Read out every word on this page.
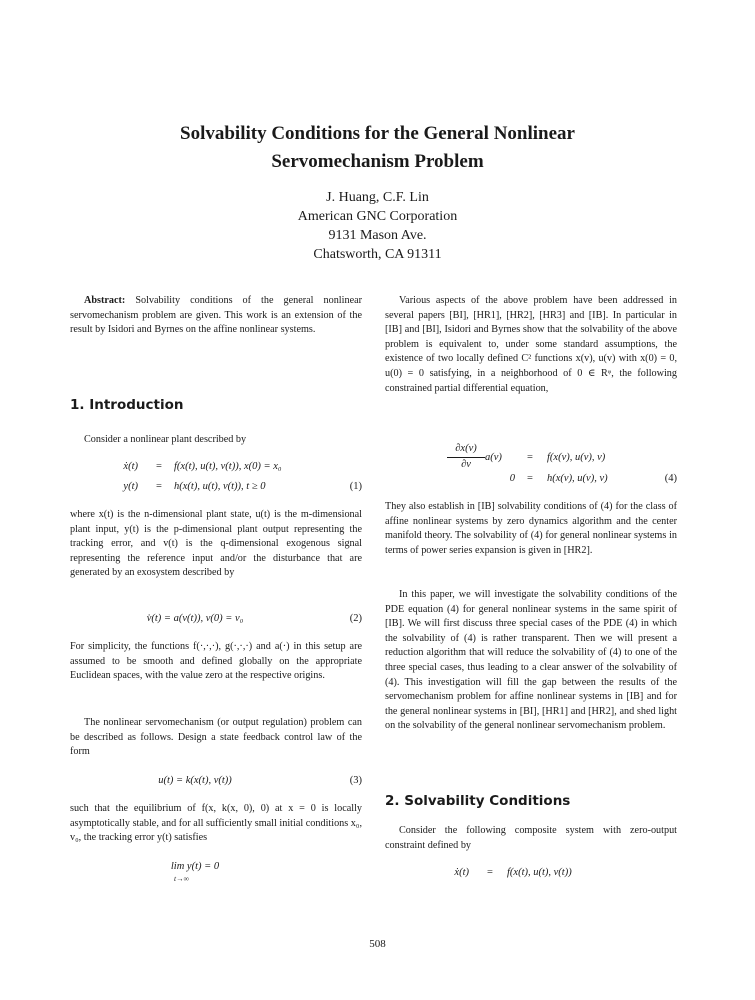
Solvability Conditions for the General Nonlinear
Servomechanism Problem
J. Huang, C.F. Lin
American GNC Corporation
9131 Mason Ave.
Chatsworth, CA 91311

Abstract: Solvability conditions of the general nonlinear servomechanism problem are given. This work is an extension of the result by Isidori and Byrnes on the affine nonlinear systems.

1. Introduction

Consider a nonlinear plant described by

ẋ(t)	=	f(x(t), u(t), v(t)), x(0) = x₀
y(t)	=	h(x(t), u(t), v(t)), t ≥ 0	(1)

where x(t) is the n-dimensional plant state, u(t) is the m-dimensional plant input, y(t) is the p-dimensional plant output representing the tracking error, and v(t) is the q-dimensional exogenous signal representing the reference input and/or the disturbance that are generated by an exosystem described by

v̇(t) = a(v(t)), v(0) = v₀	(2)

For simplicity, the functions f(·,·,·), g(·,·,·) and a(·) in this setup are assumed to be smooth and defined globally on the appropriate Euclidean spaces, with the value zero at the respective origins.

The nonlinear servomechanism (or output regulation) problem can be described as follows. Design a state feedback control law of the form

u(t) = k(x(t), v(t))	(3)

such that the equilibrium of f(x, k(x, 0), 0) at x = 0 is locally asymptotically stable, and for all sufficiently small initial conditions x₀, v₀, the tracking error y(t) satisfies

lim y(t) = 0
t→∞

Various aspects of the above problem have been addressed in several papers [BI], [HR1], [HR2], [HR3] and [IB]. In particular in [IB] and [BI], Isidori and Byrnes show that the solvability of the above problem is equivalent to, under some standard assumptions, the existence of two locally defined C² functions x(v), u(v) with x(0) = 0, u(0) = 0 satisfying, in a neighborhood of 0 ∈ Rᵠ, the following constrained partial differential equation,

$\frac{\partial x(v)}{\partial v} a(v)$	=	f(x(v), u(v), v)
0	=	h(x(v), u(v), v)	(4)

They also establish in [IB] solvability conditions of (4) for the class of affine nonlinear systems by zero dynamics algorithm and the center manifold theory. The solvability of (4) for general nonlinear systems in terms of power series expansion is given in [HR2].

In this paper, we will investigate the solvability conditions of the PDE equation (4) for general nonlinear systems in the same spirit of [IB]. We will first discuss three special cases of the PDE (4) in which the solvability of (4) is rather transparent. Then we will present a reduction algorithm that will reduce the solvability of (4) to one of the three special cases, thus leading to a clear answer of the solvability of (4). This investigation will fill the gap between the results of the servomechanism problem for affine nonlinear systems in [IB] and for the general nonlinear systems in [BI], [HR1] and [HR2], and shed light on the solvability of the general nonlinear servomechanism problem.

2. Solvability Conditions

Consider the following composite system with zero-output constraint defined by

ẋ(t)	=	f(x(t), u(t), v(t))
508
